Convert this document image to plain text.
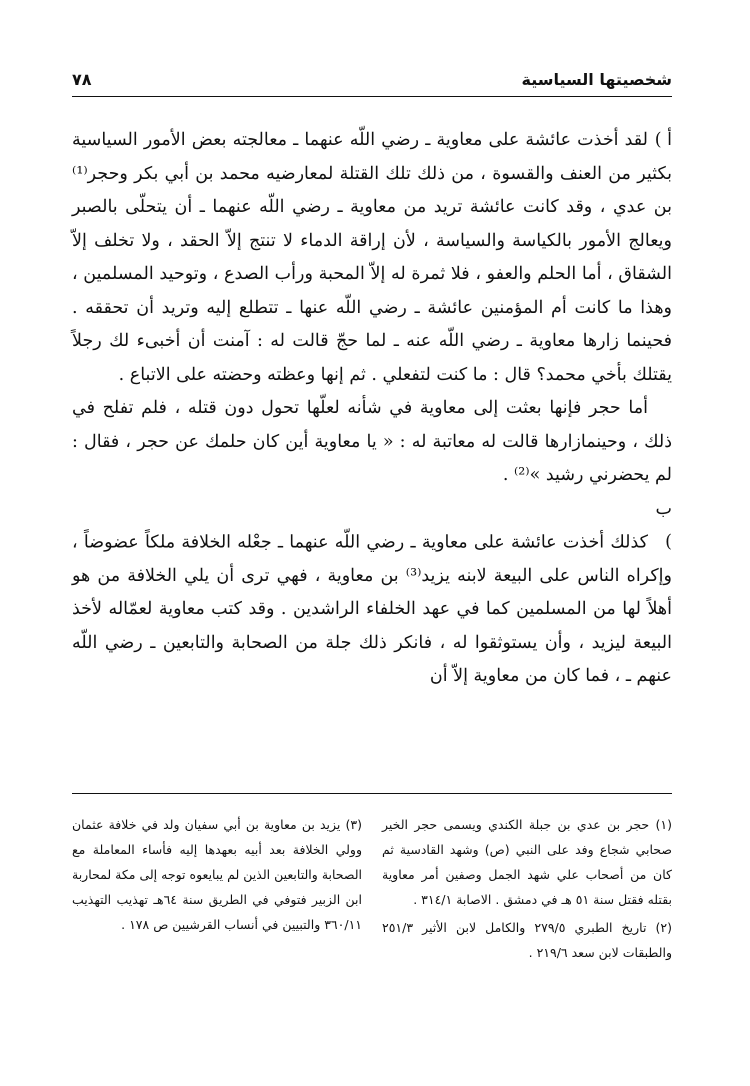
شخصيتها السياسية
٧٨

أ )لقد أخذت عائشة على معاوية ـ رضي اللّه عنهما ـ معالجته بعض الأمور السياسية بكثير من العنف والقسوة ، من ذلك تلك القتلة لمعارضيه محمد بن أبي بكر وحجر⁽¹⁾ بن عدي ، وقد كانت عائشة تريد من معاوية ـ رضي اللّه عنهما ـ أن يتحلّى بالصبر ويعالج الأمور بالكياسة والسياسة ، لأن إراقة الدماء لا تنتج إلاّ الحقد ، ولا تخلف إلاّ الشقاق ، أما الحلم والعفو ، فلا ثمرة له إلاّ المحبة ورأب الصدع ، وتوحيد المسلمين ، وهذا ما كانت أم المؤمنين عائشة ـ رضي اللّه عنها ـ تتطلع إليه وتريد أن تحققه . فحينما زارها معاوية ـ رضي اللّه عنه ـ لما حجّ قالت له : آمنت أن أخبىء لك رجلاً يقتلك بأخي محمد؟ قال : ما كنت لتفعلي . ثم إنها وعظته وحضته على الاتباع .

أما حجر فإنها بعثت إلى معاوية في شأنه لعلّها تحول دون قتله ، فلم تفلح في ذلك ، وحينمازارها قالت له معاتبة له : « يا معاوية أين كان حلمك عن حجر ، فقال : لم يحضرني رشيد »⁽²⁾ .

ب )كذلك أخذت عائشة على معاوية ـ رضي اللّه عنهما ـ جعْله الخلافة ملكاً عضوضاً ، وإكراه الناس على البيعة لابنه يزيد⁽³⁾ بن معاوية ، فهي ترى أن يلي الخلافة من هو أهلاً لها من المسلمين كما في عهد الخلفاء الراشدين . وقد كتب معاوية لعمّاله لأخذ البيعة ليزيد ، وأن يستوثقوا له ، فانكر ذلك جلة من الصحابة والتابعين ـ رضي اللّه عنهم ـ ، فما كان من معاوية إلاّ أن

(١) حجر بن عدي بن جبلة الكندي ويسمى حجر الخير صحابي شجاع وفد على النبي (ص) وشهد القادسية ثم كان من أصحاب علي شهد الجمل وصفين أمر معاوية بقتله فقتل سنة ٥١ هـ في دمشق . الاصابة ٣١٤/١ .

(٢) تاريخ الطبري ٢٧٩/٥ والكامل لابن الأثير ٢٥١/٣ والطبقات لابن سعد ٢١٩/٦ .

(٣) يزيد بن معاوية بن أبي سفيان ولد في خلافة عثمان وولي الخلافة بعد أبيه بعهدها إليه فأساء المعاملة مع الصحابة والتابعين الذين لم يبايعوه توجه إلى مكة لمحاربة ابن الزبير فتوفي في الطريق سنة ٦٤هـ تهذيب التهذيب ٣٦٠/١١ والتبيين في أنساب القرشيين ص ١٧٨ .
